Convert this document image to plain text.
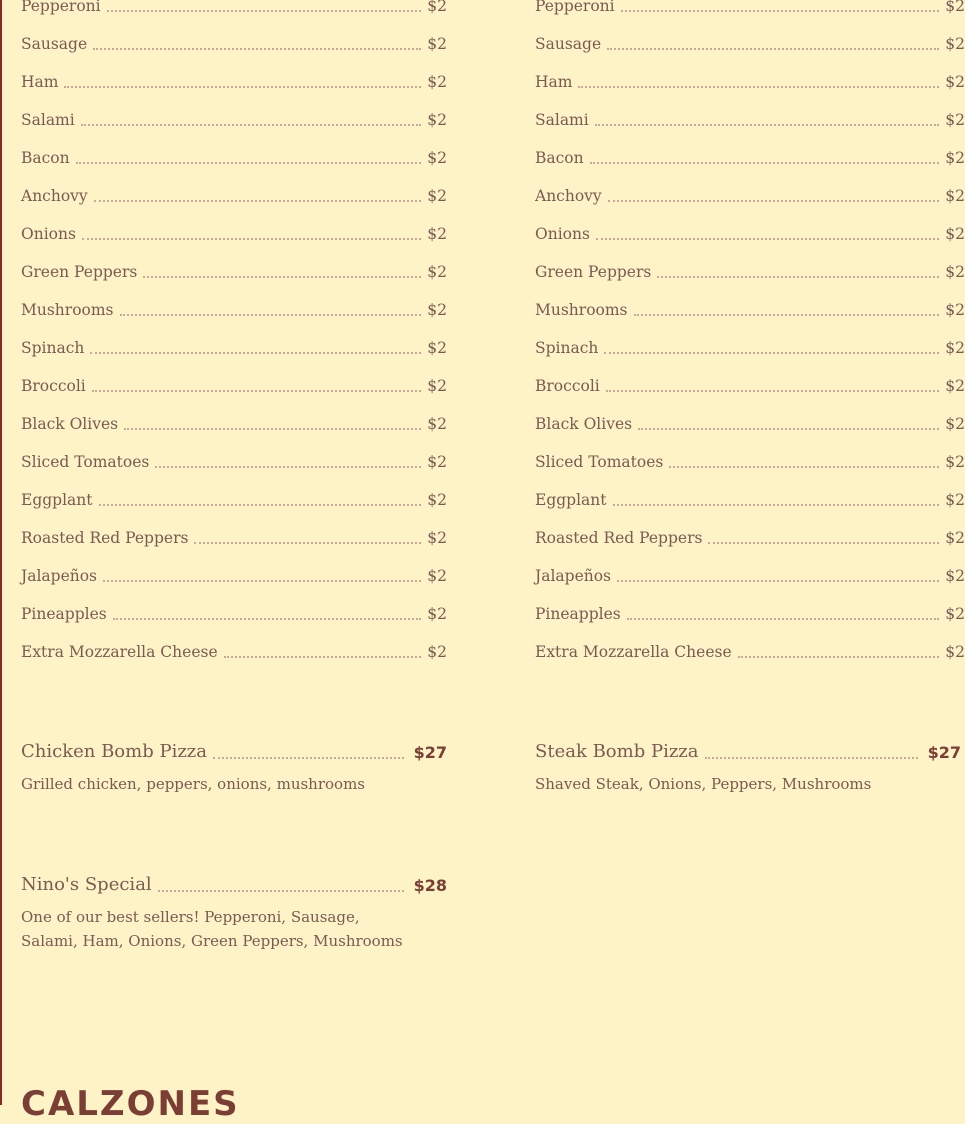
Pepperoni	$2
Sausage	$2
Ham	$2
Salami	$2
Bacon	$2
Anchovy	$2
Onions	$2
Green Peppers	$2
Mushrooms	$2
Spinach	$2
Broccoli	$2
Black Olives	$2
Sliced Tomatoes	$2
Eggplant	$2
Roasted Red Peppers	$2
Jalapeños	$2
Pineapples	$2
Extra Mozzarella Cheese	$2
Chicken Bomb Pizza	$27
Grilled chicken, peppers, onions, mushrooms
Nino's Special	$28
One of our best sellers! Pepperoni, Sausage, Salami, Ham, Onions, Green Peppers, Mushrooms
Pepperoni	$2
Sausage	$2
Ham	$2
Salami	$2
Bacon	$2
Anchovy	$2
Onions	$2
Green Peppers	$2
Mushrooms	$2
Spinach	$2
Broccoli	$2
Black Olives	$2
Sliced Tomatoes	$2
Eggplant	$2
Roasted Red Peppers	$2
Jalapeños	$2
Pineapples	$2
Extra Mozzarella Cheese	$2
Steak Bomb Pizza	$27
Shaved Steak, Onions, Peppers, Mushrooms
CALZONES
